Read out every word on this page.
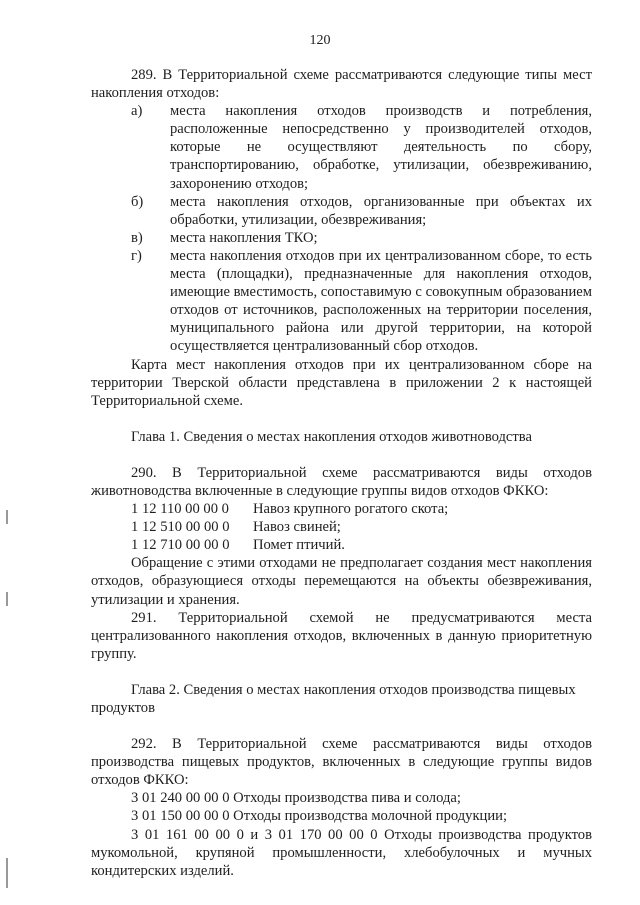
120

289. В Территориальной схеме рассматриваются следующие типы мест накопления отходов:

а)	места накопления отходов производств и потребления, расположенные непосредственно у производителей отходов, которые не осуществляют деятельность по сбору, транспортированию, обработке, утилизации, обезвреживанию, захоронению отходов;
б)	места накопления отходов, организованные при объектах их обработки, утилизации, обезвреживания;
в)	места накопления ТКО;
г)	места накопления отходов при их централизованном сборе, то есть места (площадки), предназначенные для накопления отходов, имеющие вместимость, сопоставимую с совокупным образованием отходов от источников, расположенных на территории поселения, муниципального района или другой территории, на которой осуществляется централизованный сбор отходов.

Карта мест накопления отходов при их централизованном сборе на территории Тверской области представлена в приложении 2 к настоящей Территориальной схеме.

Глава 1. Сведения о местах накопления отходов животноводства

290. В Территориальной схеме рассматриваются виды отходов животноводства включенные в следующие группы видов отходов ФККО:

1 12 110 00 00 0 Навоз крупного рогатого скота;

1 12 510 00 00 0 Навоз свиней;

1 12 710 00 00 0 Помет птичий.

Обращение с этими отходами не предполагает создания мест накопления отходов, образующиеся отходы перемещаются на объекты обезвреживания, утилизации и хранения.

291. Территориальной схемой не предусматриваются места централизованного накопления отходов, включенных в данную приоритетную группу.

Глава 2. Сведения о местах накопления отходов производства пищевых продуктов

292. В Территориальной схеме рассматриваются виды отходов производства пищевых продуктов, включенных в следующие группы видов отходов ФККО:

3 01 240 00 00 0 Отходы производства пива и солода;

3 01 150 00 00 0 Отходы производства молочной продукции;

3 01 161 00 00 0 и 3 01 170 00 00 0 Отходы производства продуктов мукомольной, крупяной промышленности, хлебобулочных и мучных кондитерских изделий.
